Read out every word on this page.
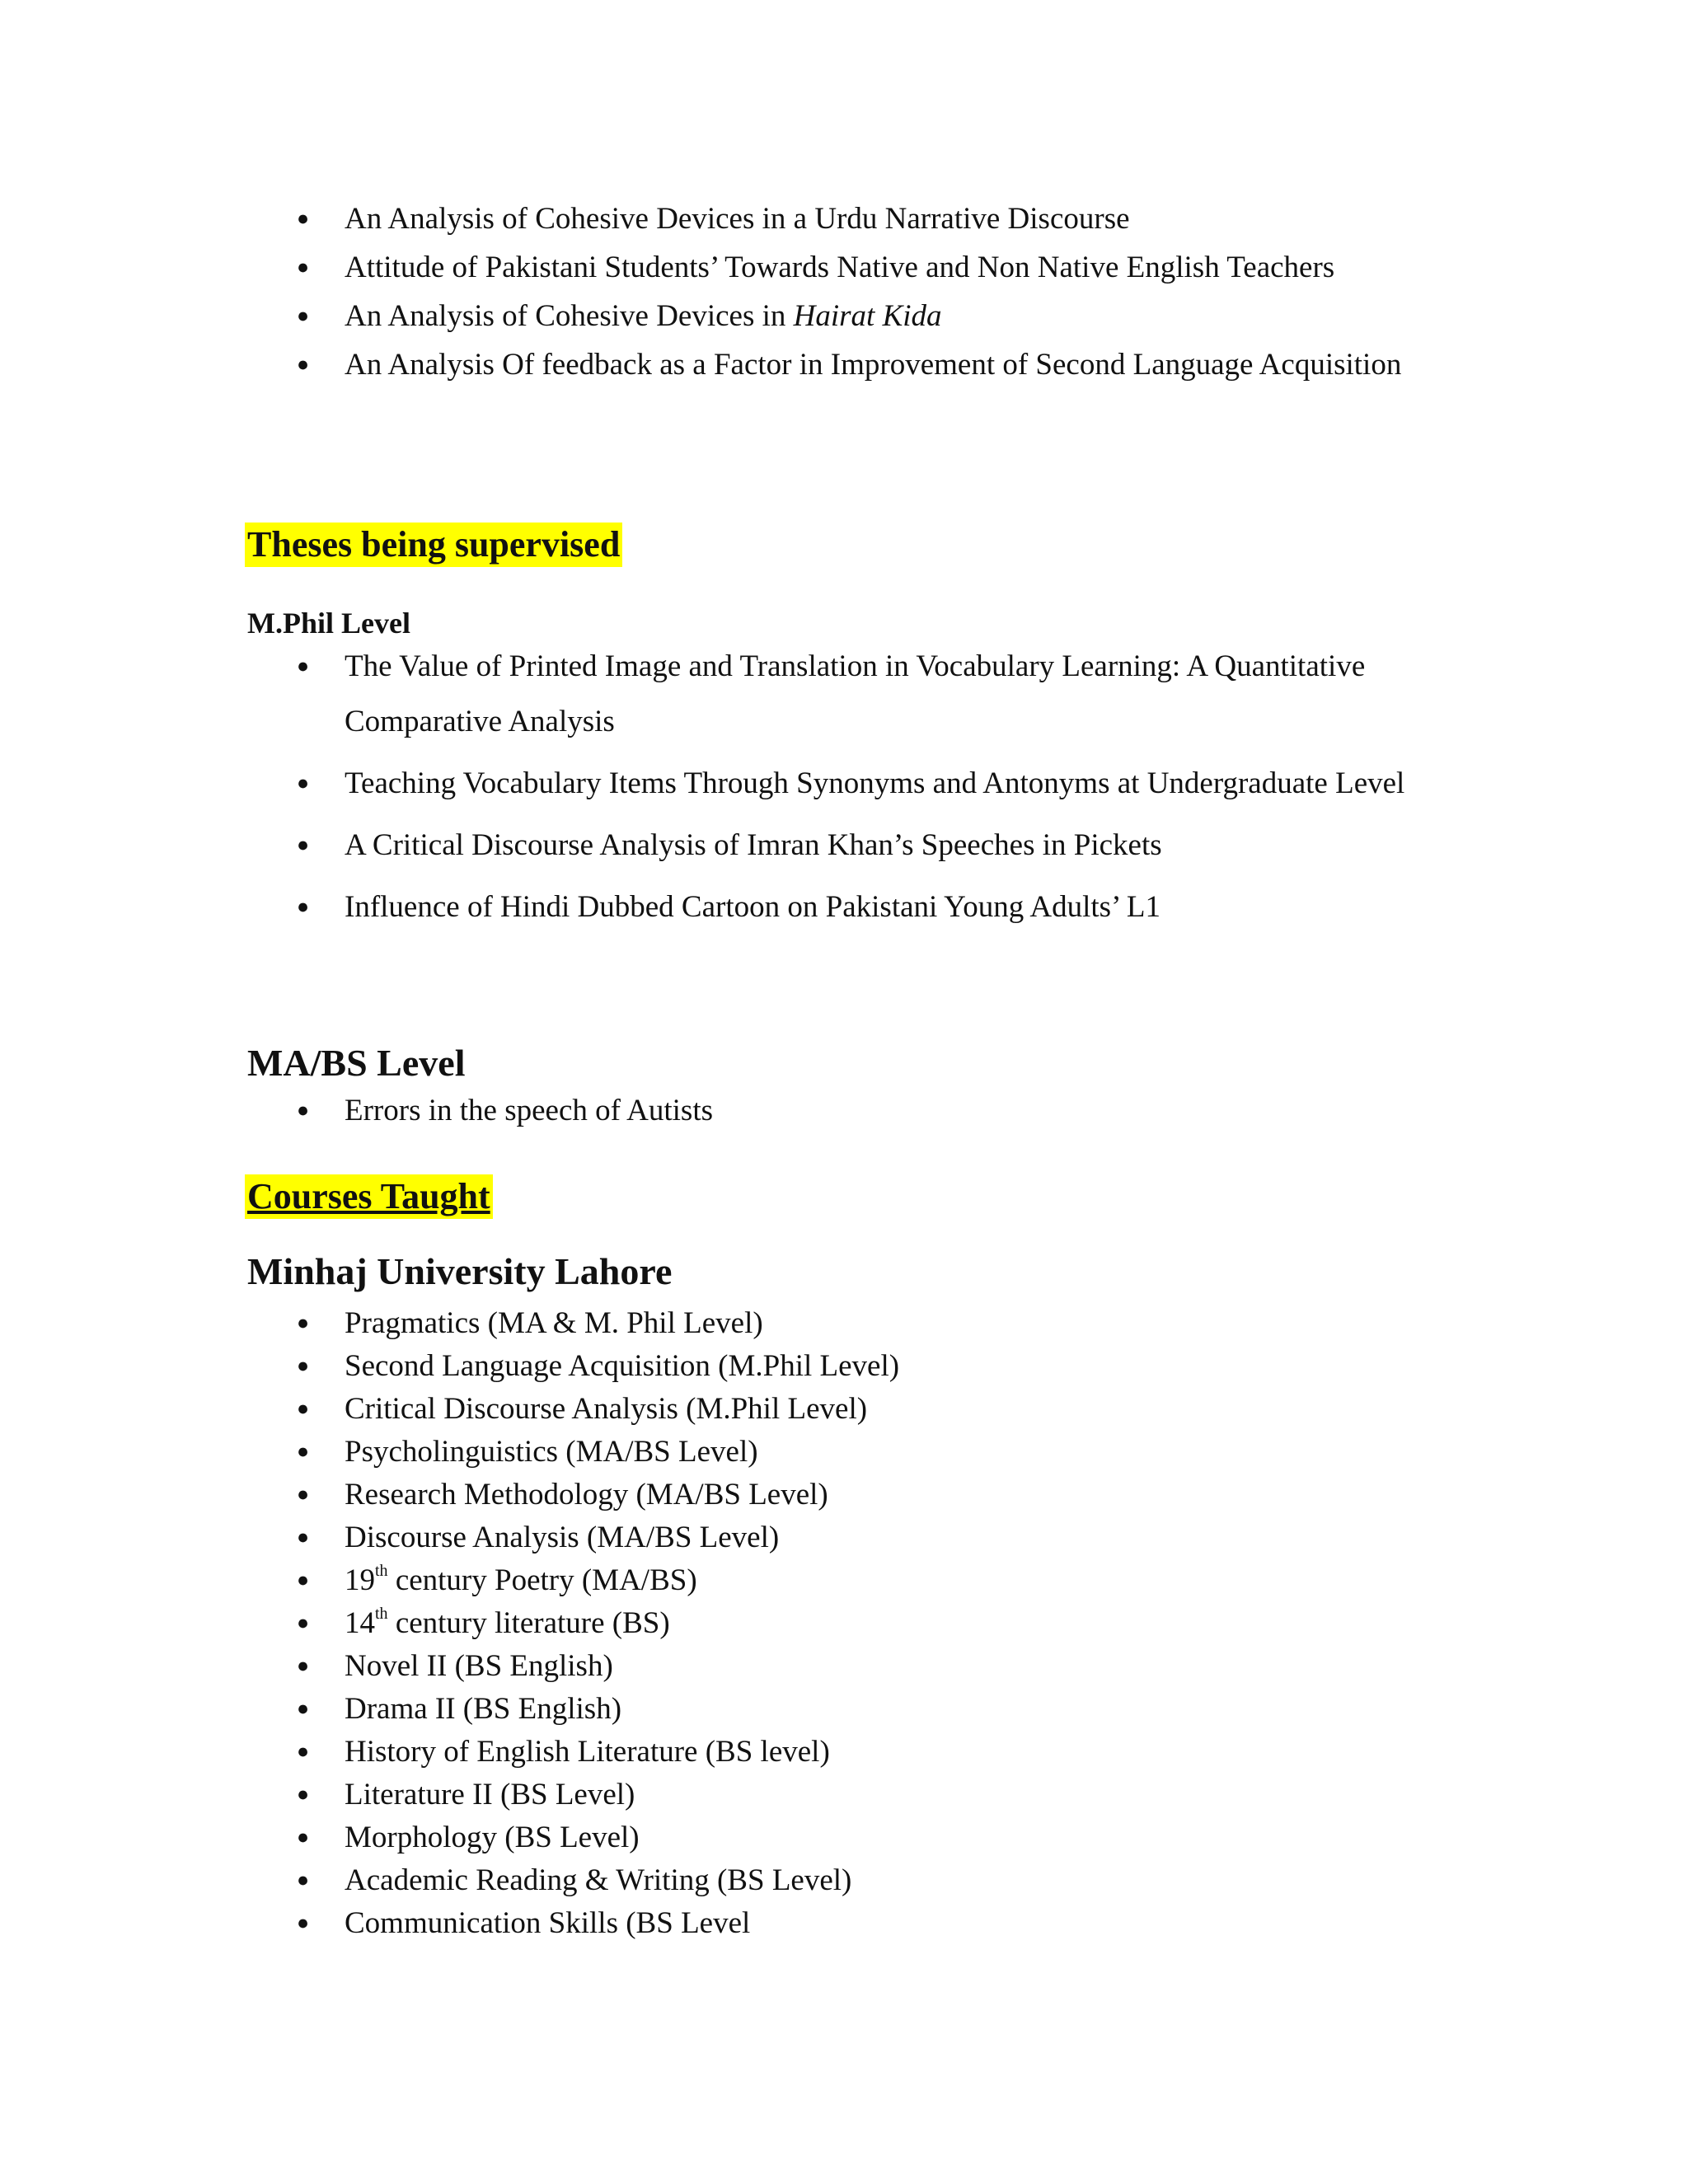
● An Analysis of Cohesive Devices in a Urdu Narrative Discourse
● Attitude of Pakistani Students’ Towards Native and Non Native English Teachers
● An Analysis of Cohesive Devices in Hairat Kida
● An Analysis Of feedback as a Factor in Improvement of Second Language Acquisition
Theses being supervised
M.Phil Level
● The Value of Printed Image and Translation in Vocabulary Learning: A Quantitative Comparative Analysis
● Teaching Vocabulary Items Through Synonyms and Antonyms at Undergraduate Level
● A Critical Discourse Analysis of Imran Khan’s Speeches in Pickets
● Influence of Hindi Dubbed Cartoon on Pakistani Young Adults’ L1
MA/BS Level
● Errors in the speech of Autists
Courses Taught
Minhaj University Lahore
● Pragmatics (MA & M. Phil Level)
● Second Language Acquisition (M.Phil Level)
● Critical Discourse Analysis (M.Phil Level)
● Psycholinguistics (MA/BS Level)
● Research Methodology (MA/BS Level)
● Discourse Analysis (MA/BS Level)
● 19th century Poetry (MA/BS)
● 14th century literature (BS)
● Novel II (BS English)
● Drama II (BS English)
● History of English Literature (BS level)
● Literature II (BS Level)
● Morphology (BS Level)
● Academic Reading & Writing (BS Level)
● Communication Skills (BS Level
